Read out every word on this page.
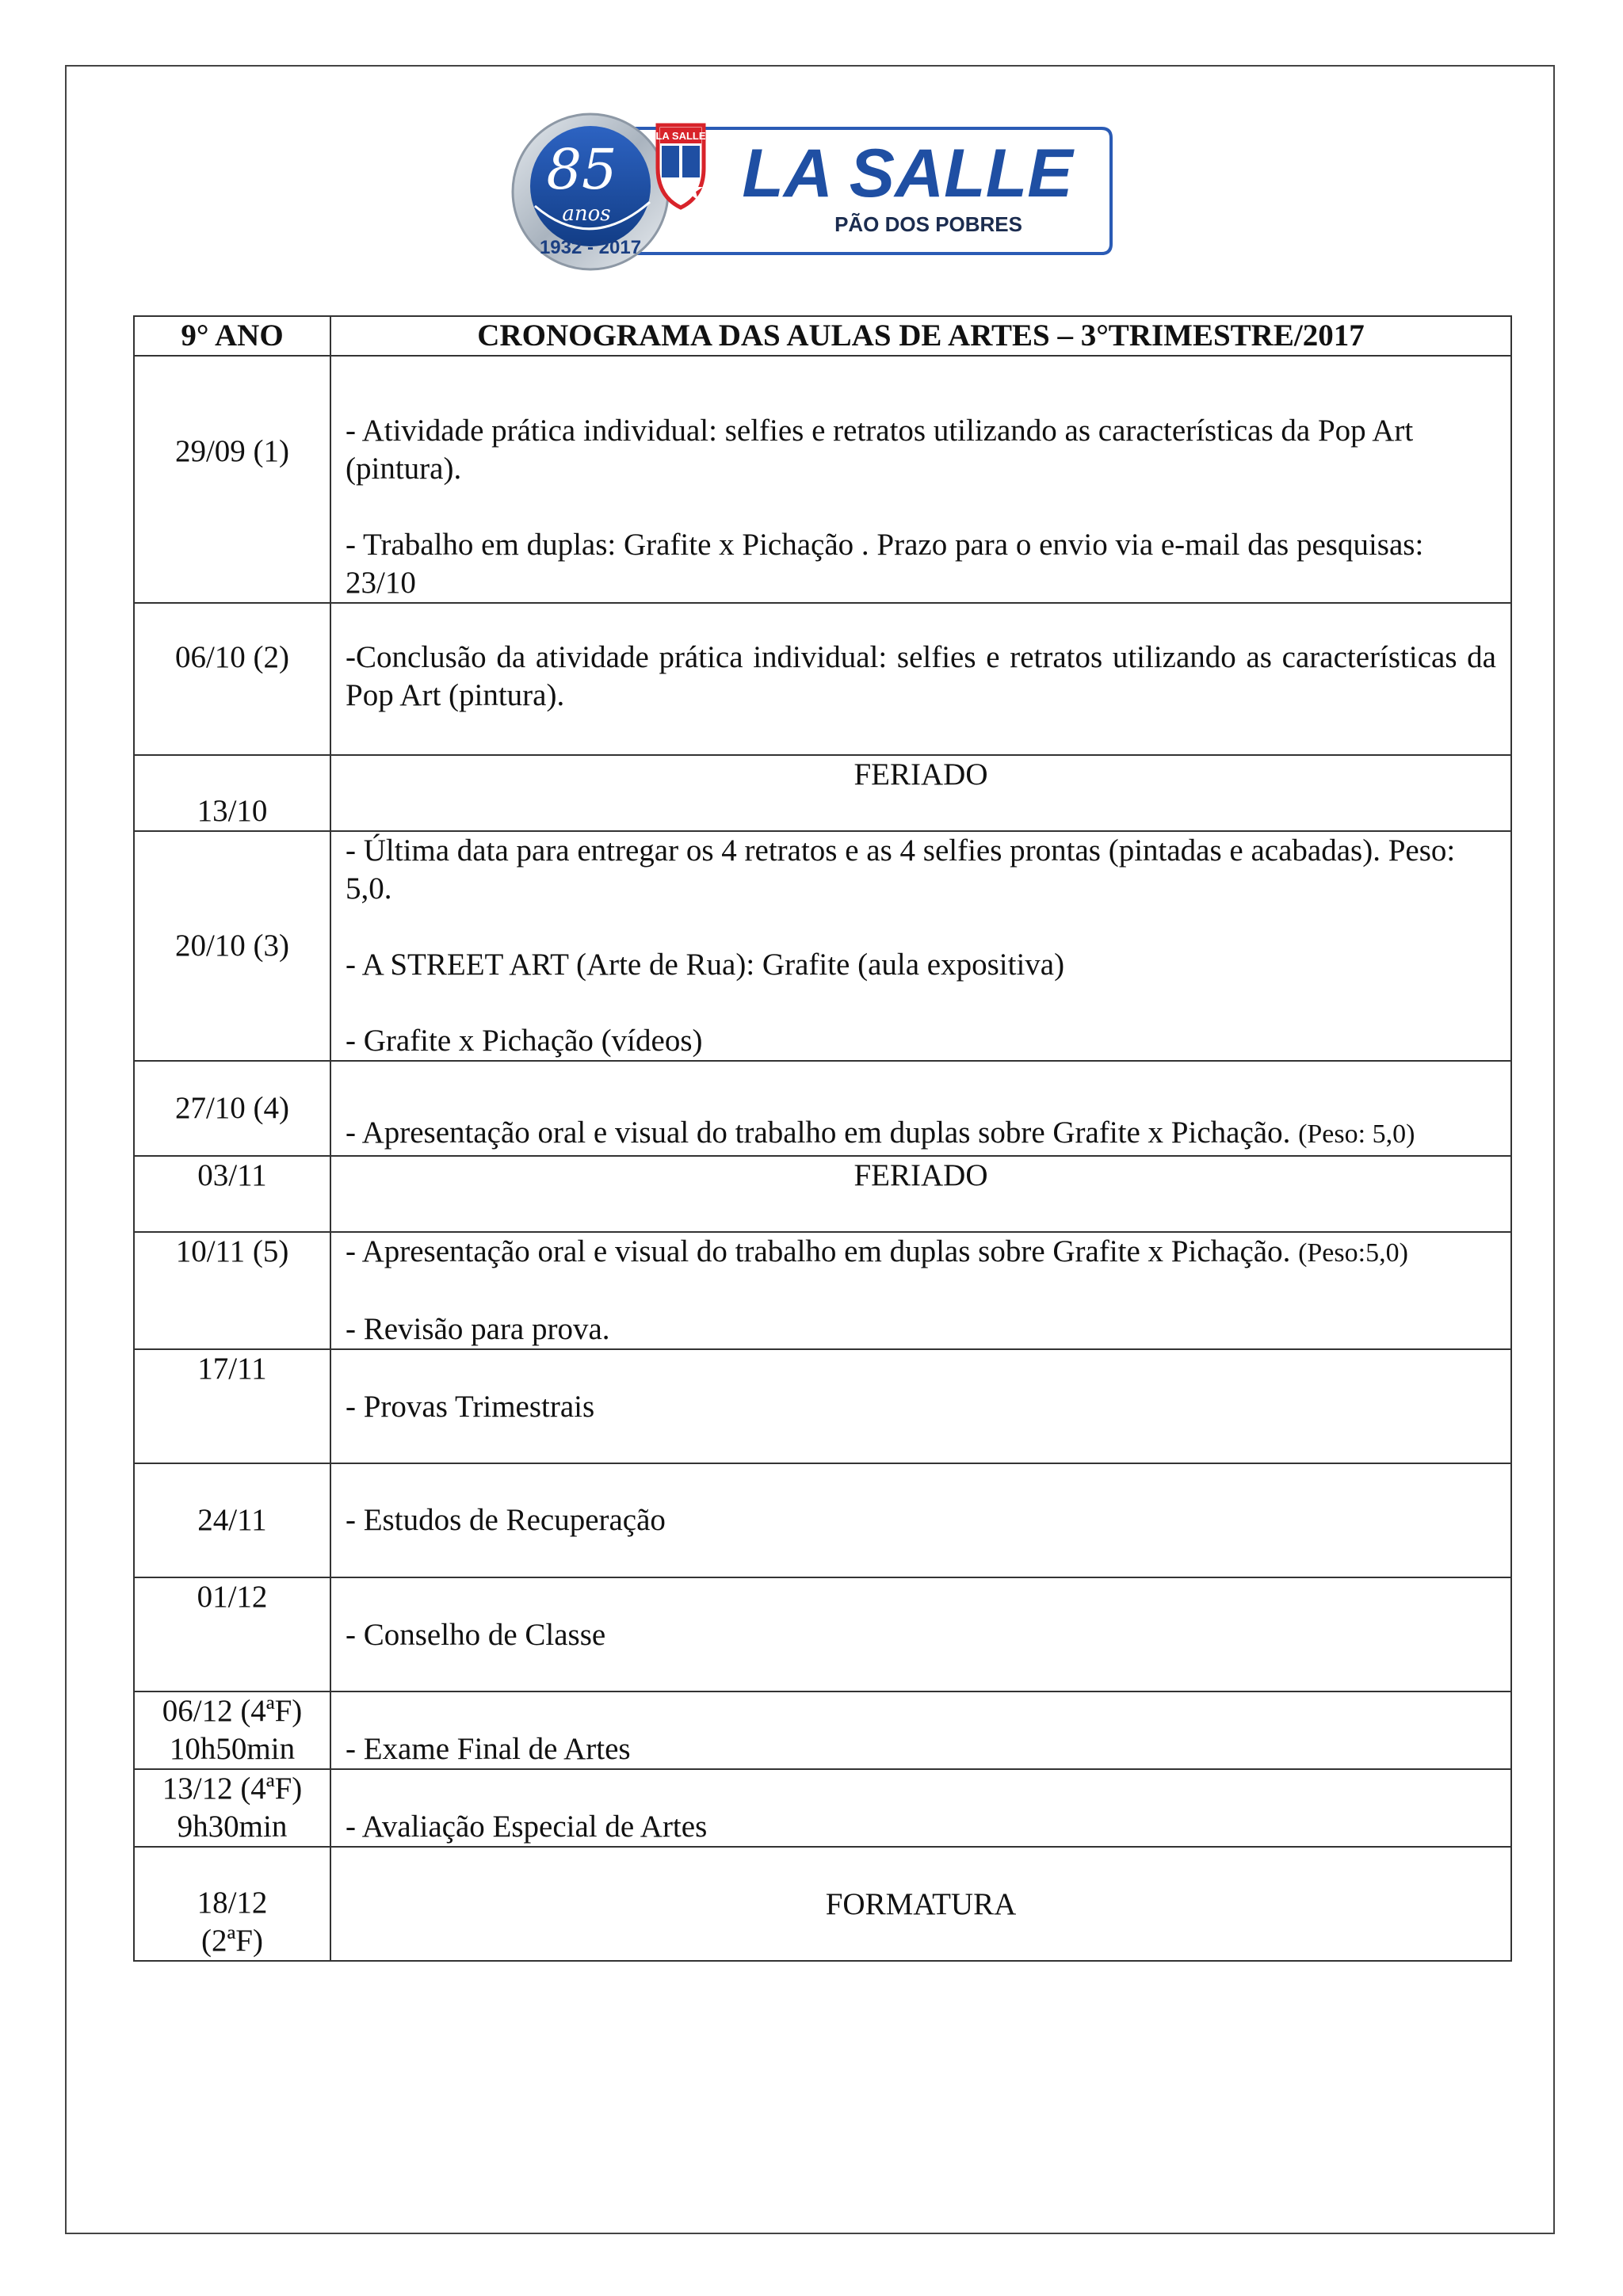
85
anos
1932 - 2017
LA SALLE LA SALLE
PÃO DOS POBRES
9° ANO	CRONOGRAMA DAS AULAS DE ARTES – 3°TRIMESTRE/2017
29/09 (1)	- Atividade prática individual: selfies e retratos utilizando as características da Pop Art (pintura).
- Trabalho em duplas: Grafite x Pichação . Prazo para o envio via e-mail das pesquisas: 23/10

06/10 (2)	-Conclusão da atividade prática individual: selfies e retratos utilizando as características da Pop Art (pintura).

13/10	FERIADO

20/10 (3)	- Última data para entregar os 4 retratos e as 4 selfies prontas (pintadas e acabadas). Peso: 5,0.
- A STREET ART (Arte de Rua): Grafite (aula expositiva)
- Grafite x Pichação (vídeos)

27/10 (4)	- Apresentação oral e visual do trabalho em duplas sobre Grafite x Pichação. (Peso: 5,0)
03/11	FERIADO

10/11 (5)	- Apresentação oral e visual do trabalho em duplas sobre Grafite x Pichação. (Peso:5,0)
- Revisão para prova.

17/11	- Provas Trimestrais

24/11	- Estudos de Recuperação

01/12	- Conselho de Classe

06/12 (4ªF)
10h50min	- Exame Final de Artes

13/12 (4ªF)
9h30min	- Avaliação Especial de Artes

18/12
(2ªF)	FORMATURA
